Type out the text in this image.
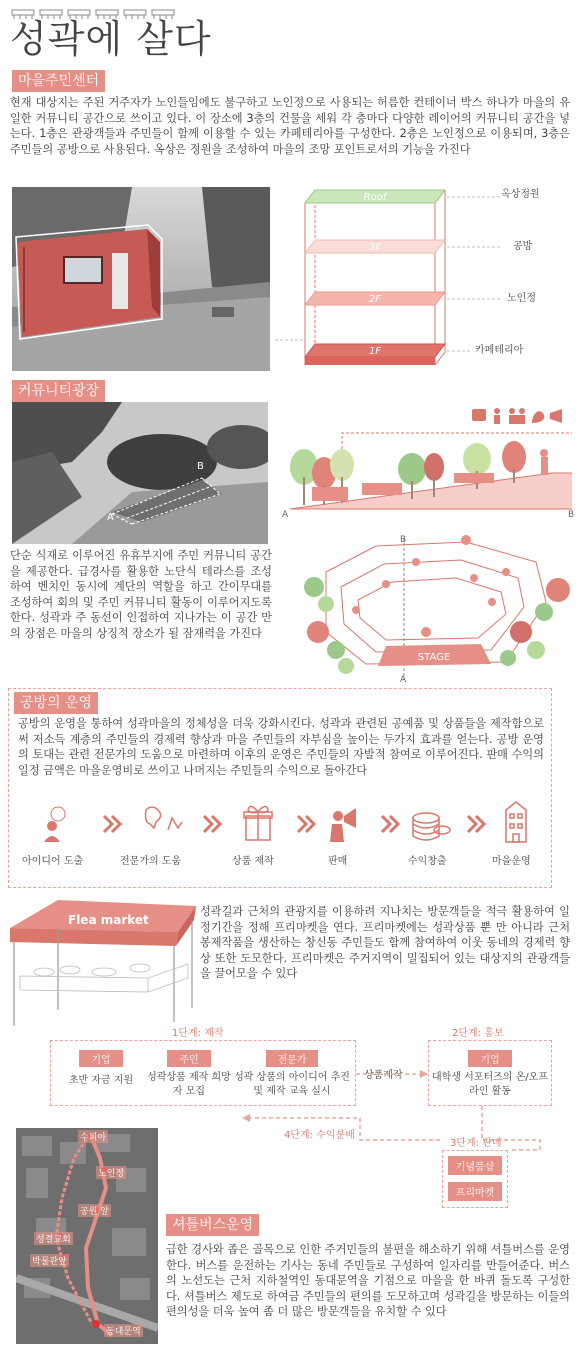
성곽에 살다
마을주민센터
현재 대상지는 주된 거주자가 노인들임에도 불구하고 노인정으로 사용되는 허름한 컨테이너 박스 하나가 마을의 유일한 커뮤니티 공간으로 쓰이고 있다. 이 장소에 3층의 건물을 세워 각 층마다 다양한 레이어의 커뮤니티 공간을 넣는다. 1층은 관광객들과 주민들이 함께 이용할 수 있는 카페테리아를 구성한다. 2층은 노인정으로 이용되며, 3층은 주민들의 공방으로 사용된다. 옥상은 정원을 조성하여 마을의 조망 포인트로서의 기능을 가진다
Roof
3F
2F
1F
옥상정원
공방
노인정
카페테리아
커뮤니티광장
A
B
단순 식재로 이루어진 유휴부지에 주민 커뮤니티 공간을 제공한다. 급경사를 활용한 노단식 테라스를 조성하여 벤치인 동시에 계단의 역할을 하고 간이무대를 조성하여 회의 및 주민 커뮤니티 활동이 이루어지도록 한다. 성곽과 주 동선이 인접하여 지나가는 이 공간 만의 장점은 마을의 상징적 장소가 될 잠재력을 가진다
A	B
STAGE
B
A
공방의 운영
공방의 운영을 통하여 성곽마을의 정체성을 더욱 강화시킨다. 성곽과 관련된 공예품 및 상품들을 제작함으로써 저소득 계층의 주민들의 경제력 향상과 마을 주민들의 자부심을 높이는 두가지 효과를 얻는다. 공방 운영의 토대는 관련 전문가의 도움으로 마련하며 이후의 운영은 주민들의 자발적 참여로 이루어진다. 판매 수익의 일정 금액은 마을운영비로 쓰이고 나머지는 주민들의 수익으로 돌아간다
아이디어 도출	전문가의 도움	상품 제작	판매	수익창출	마을운영
Flea market
성곽길과 근처의 관광지를 이용하려 지나치는 방문객들을 적극 활용하여 일정기간을 정해 프리마켓을 연다. 프리마켓에는 성곽상품 뿐 만 아니라 근처 봉제작품을 생산하는 창신동 주민들도 함께 참여하여 이웃 동네의 경제력 향상 또한 도모한다. 프리마켓은 주거지역이 밀집되어 있는 대상지의 관광객들을 끌어모을 수 있다
1단계: 제작
기업
초반 자금 지원
주민
성곽상품 제작 희망자 모집
전문가
성곽 상품의 아이디어 추진 및 제작 교육 실시
상품제작
2단계: 홍보
기업
대학생 서포터즈의 온/오프라인 활동
4단계: 수익분배
3단계: 판매
기념품샵
프리마켓
수피아
노인정
공원 앞
성결교회
박물관앞
동대문역
셔틀버스운영
급한 경사와 좁은 골목으로 인한 주거민들의 불편을 해소하기 위해 셔틀버스를 운영한다. 버스를 운전하는 기사는 동네 주민들로 구성하여 일자리를 만들어준다. 버스의 노선도는 근처 지하철역인 동대문역을 기점으로 마을을 한 바퀴 돌도록 구성한다. 셔틀버스 제도로 하여금 주민들의 편의를 도모하고며 성곽길을 방문하는 이들의 편의성을 더욱 높여 좀 더 많은 방문객들을 유치할 수 있다
